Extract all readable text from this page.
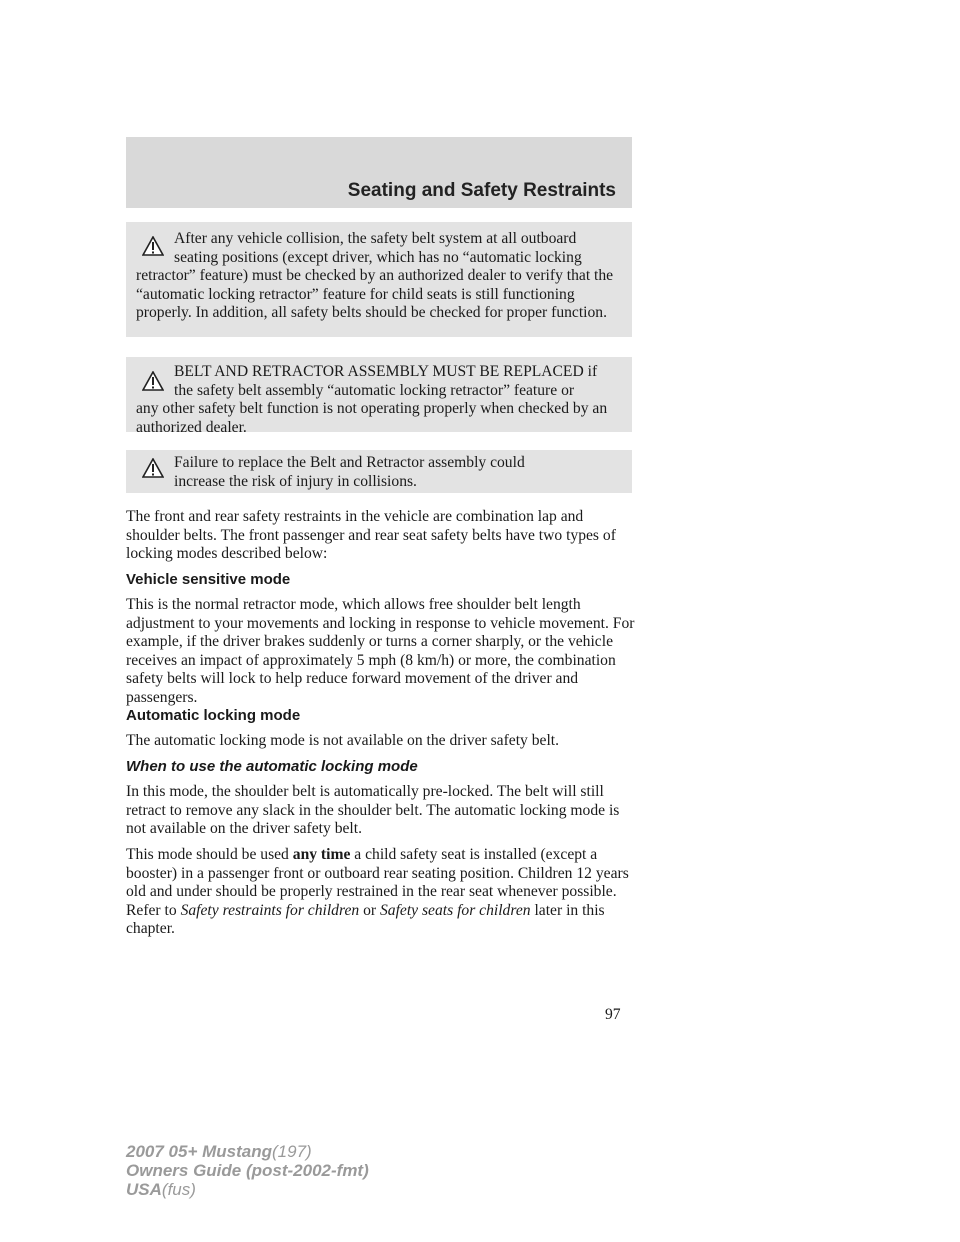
Seating and Safety Restraints
After any vehicle collision, the safety belt system at all outboard
seating positions (except driver, which has no “automatic locking
retractor” feature) must be checked by an authorized dealer to verify that the “automatic locking retractor” feature for child seats is still functioning properly. In addition, all safety belts should be checked for proper function.
BELT AND RETRACTOR ASSEMBLY MUST BE REPLACED if
the safety belt assembly “automatic locking retractor” feature or
any other safety belt function is not operating properly when checked by an authorized dealer.
Failure to replace the Belt and Retractor assembly could
increase the risk of injury in collisions.

The front and rear safety restraints in the vehicle are combination lap and shoulder belts. The front passenger and rear seat safety belts have two types of locking modes described below:

Vehicle sensitive mode

This is the normal retractor mode, which allows free shoulder belt length adjustment to your movements and locking in response to vehicle movement. For example, if the driver brakes suddenly or turns a corner sharply, or the vehicle receives an impact of approximately 5 mph (8 km/h) or more, the combination safety belts will lock to help reduce forward movement of the driver and passengers.

Automatic locking mode

The automatic locking mode is not available on the driver safety belt.

When to use the automatic locking mode

In this mode, the shoulder belt is automatically pre-locked. The belt will still retract to remove any slack in the shoulder belt. The automatic locking mode is not available on the driver safety belt.

This mode should be used any time a child safety seat is installed (except a booster) in a passenger front or outboard rear seating position. Children 12 years old and under should be properly restrained in the rear seat whenever possible. Refer to Safety restraints for children or Safety seats for children later in this chapter.

97
2007 05+ Mustang(197)
Owners Guide (post-2002-fmt)
USA(fus)
